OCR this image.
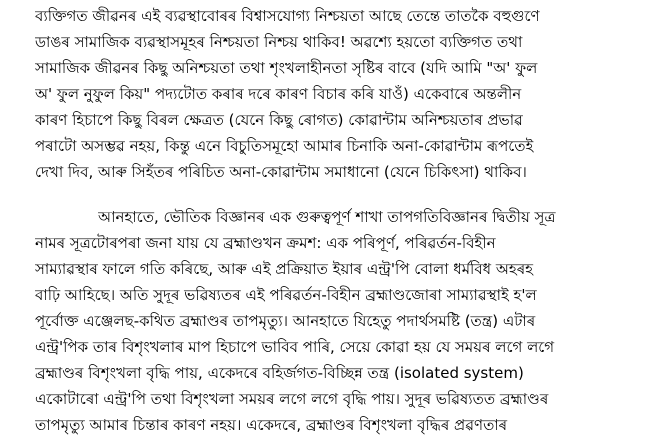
ব্যক্তিগত জীৱনৰ এই ব্যৱস্থাবোৰৰ বিশ্বাসযোগ্য নিশ্চয়তা আছে তেন্তে তাতকৈ বহুগুণে
ডাঙৰ সামাজিক ব্যৱস্থাসমূহৰ নিশ্চয়তা নিশ্চয় থাকিব! অৱশ্যে হয়তো ব্যক্তিগত তথা
সামাজিক জীৱনৰ কিছু অনিশ্চয়তা তথা শৃংখলাহীনতা সৃষ্টিৰ বাবে (যদি আমি "অ' ফুল
অ' ফুল নুফুল কিয়" পদ্যটোত কৰাৰ দৰে কাৰণ বিচাৰ কৰি যাওঁ) একেবাৰে অন্তলীন
কাৰণ হিচাপে কিছু বিৰল ক্ষেত্ৰত (যেনে কিছু ৰোগত) কোৱান্টাম অনিশ্চয়তাৰ প্ৰভাৱ
পৰাটো অসম্ভৱ নহয়, কিন্তু এনে বিচুতিসমূহো আমাৰ চিনাকি অনা-কোৱান্টাম ৰূপতেই
দেখা দিব, আৰু সিহঁতৰ পৰিচিত অনা-কোৱান্টাম সমাধানো (যেনে চিকিৎসা) থাকিব।
আনহাতে, ভৌতিক বিজ্ঞানৰ এক গুৰুত্বপূৰ্ণ শাখা তাপগতিবিজ্ঞানৰ দ্বিতীয় সূত্ৰ
নামৰ সূত্ৰটোৰপৰা জনা যায় যে ব্ৰহ্মাণ্ডখন ক্ৰমশ: এক পৰিপূৰ্ণ, পৰিৱৰ্তন-বিহীন
সাম্যাৱস্থাৰ ফালে গতি কৰিছে, আৰু এই প্ৰক্ৰিয়াত ইয়াৰ এন্ট্ৰ'পি বোলা ধৰ্মবিধ অহৰহ
বাঢ়ি আহিছে। অতি সুদূৰ ভৱিষ্যতৰ এই পৰিৱৰ্তন-বিহীন ব্ৰহ্মাণ্ডজোৰা সাম্যাৱস্থাই হ'ল
পূৰ্বোক্ত এঞ্জেলছ-কথিত ব্ৰহ্মাণ্ডৰ তাপমৃত্যু। আনহাতে যিহেতু পদাৰ্থসমষ্টি (তন্ত্ৰ) এটাৰ
এন্ট্ৰ'পিক তাৰ বিশৃংখলাৰ মাপ হিচাপে ভাবিব পাৰি, সেয়ে কোৱা হয় যে সময়ৰ লগে লগে
ব্ৰহ্মাণ্ডৰ বিশৃংখলা বৃদ্ধি পায়, একেদৰে বহিৰ্জগত-বিচ্ছিন্ন তন্ত্ৰ (isolated system)
একোটাৰো এন্ট্ৰ'পি তথা বিশৃংখলা সময়ৰ লগে লগে বৃদ্ধি পায়। সুদূৰ ভৱিষ্যতত ব্ৰহ্মাণ্ডৰ
তাপমৃত্যু আমাৰ চিন্তাৰ কাৰণ নহয়। একেদৰে, ব্ৰহ্মাণ্ডৰ বিশৃংখলা বৃদ্ধিৰ প্ৰৱণতাৰ
